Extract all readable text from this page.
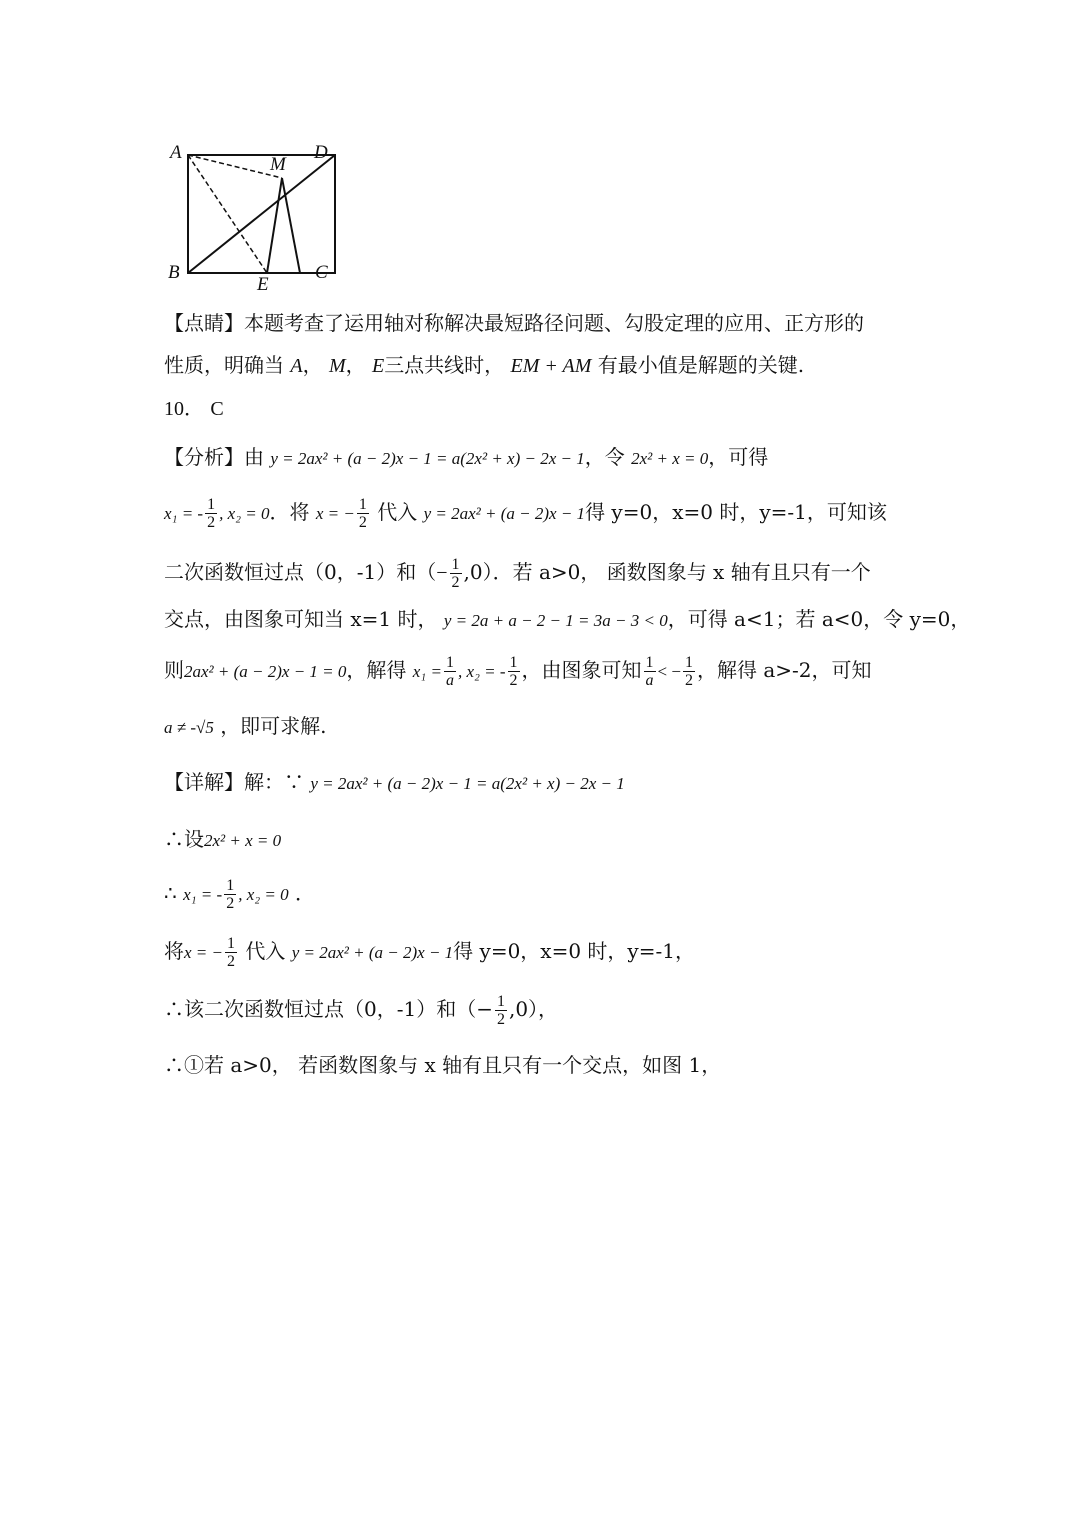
A
M
D
B
E
C
【点睛】本题考查了运用轴对称解决最短路径问题、勾股定理的应用、正方形的
性质，明确当 A， M， E三点共线时， EM + AM 有最小值是解题的关键.
10． C
【分析】由 y = 2ax² + (a − 2)x − 1 = a(2x² + x) − 2x − 1，令 2x² + x = 0，可得
x₁ = - $\frac{1}{2}$ , x₂ = 0．将 x = − $\frac{1}{2}$ 代入 y = 2ax² + (a − 2)x − 1得 y=0，x=0 时，y=-1，可知该
二次函数恒过点（0，-1）和（− $\frac{1}{2} ,0$）．若 a>0， 函数图象与 x 轴有且只有一个
交点，由图象可知当 x=1 时， y = 2a + a − 2 − 1 = 3a − 3 < 0，可得 a<1；若 a<0，令 y=0，
则2ax² + (a − 2)x − 1 = 0，解得 $x_1 = \frac{1}{a}$ , x₂ = - $\frac{1}{2}$ ，由图象可知 $\frac{1}{a}$ < − $\frac{1}{2}$ ，解得 a>-2，可知
a ≠ -√5 ，即可求解.
【详解】解：∵ y = 2ax² + (a − 2)x − 1 = a(2x² + x) − 2x − 1
∴设2x² + x = 0
∴ x₁ = - $\frac{1}{2}$ , x₂ = 0 ．
将x = − $\frac{1}{2}$ 代入 y = 2ax² + (a − 2)x − 1得 y=0，x=0 时，y=-1，
∴该二次函数恒过点（0，-1）和（− $\frac{1}{2} ,0$），
∴①若 a>0， 若函数图象与 x 轴有且只有一个交点，如图 1，
